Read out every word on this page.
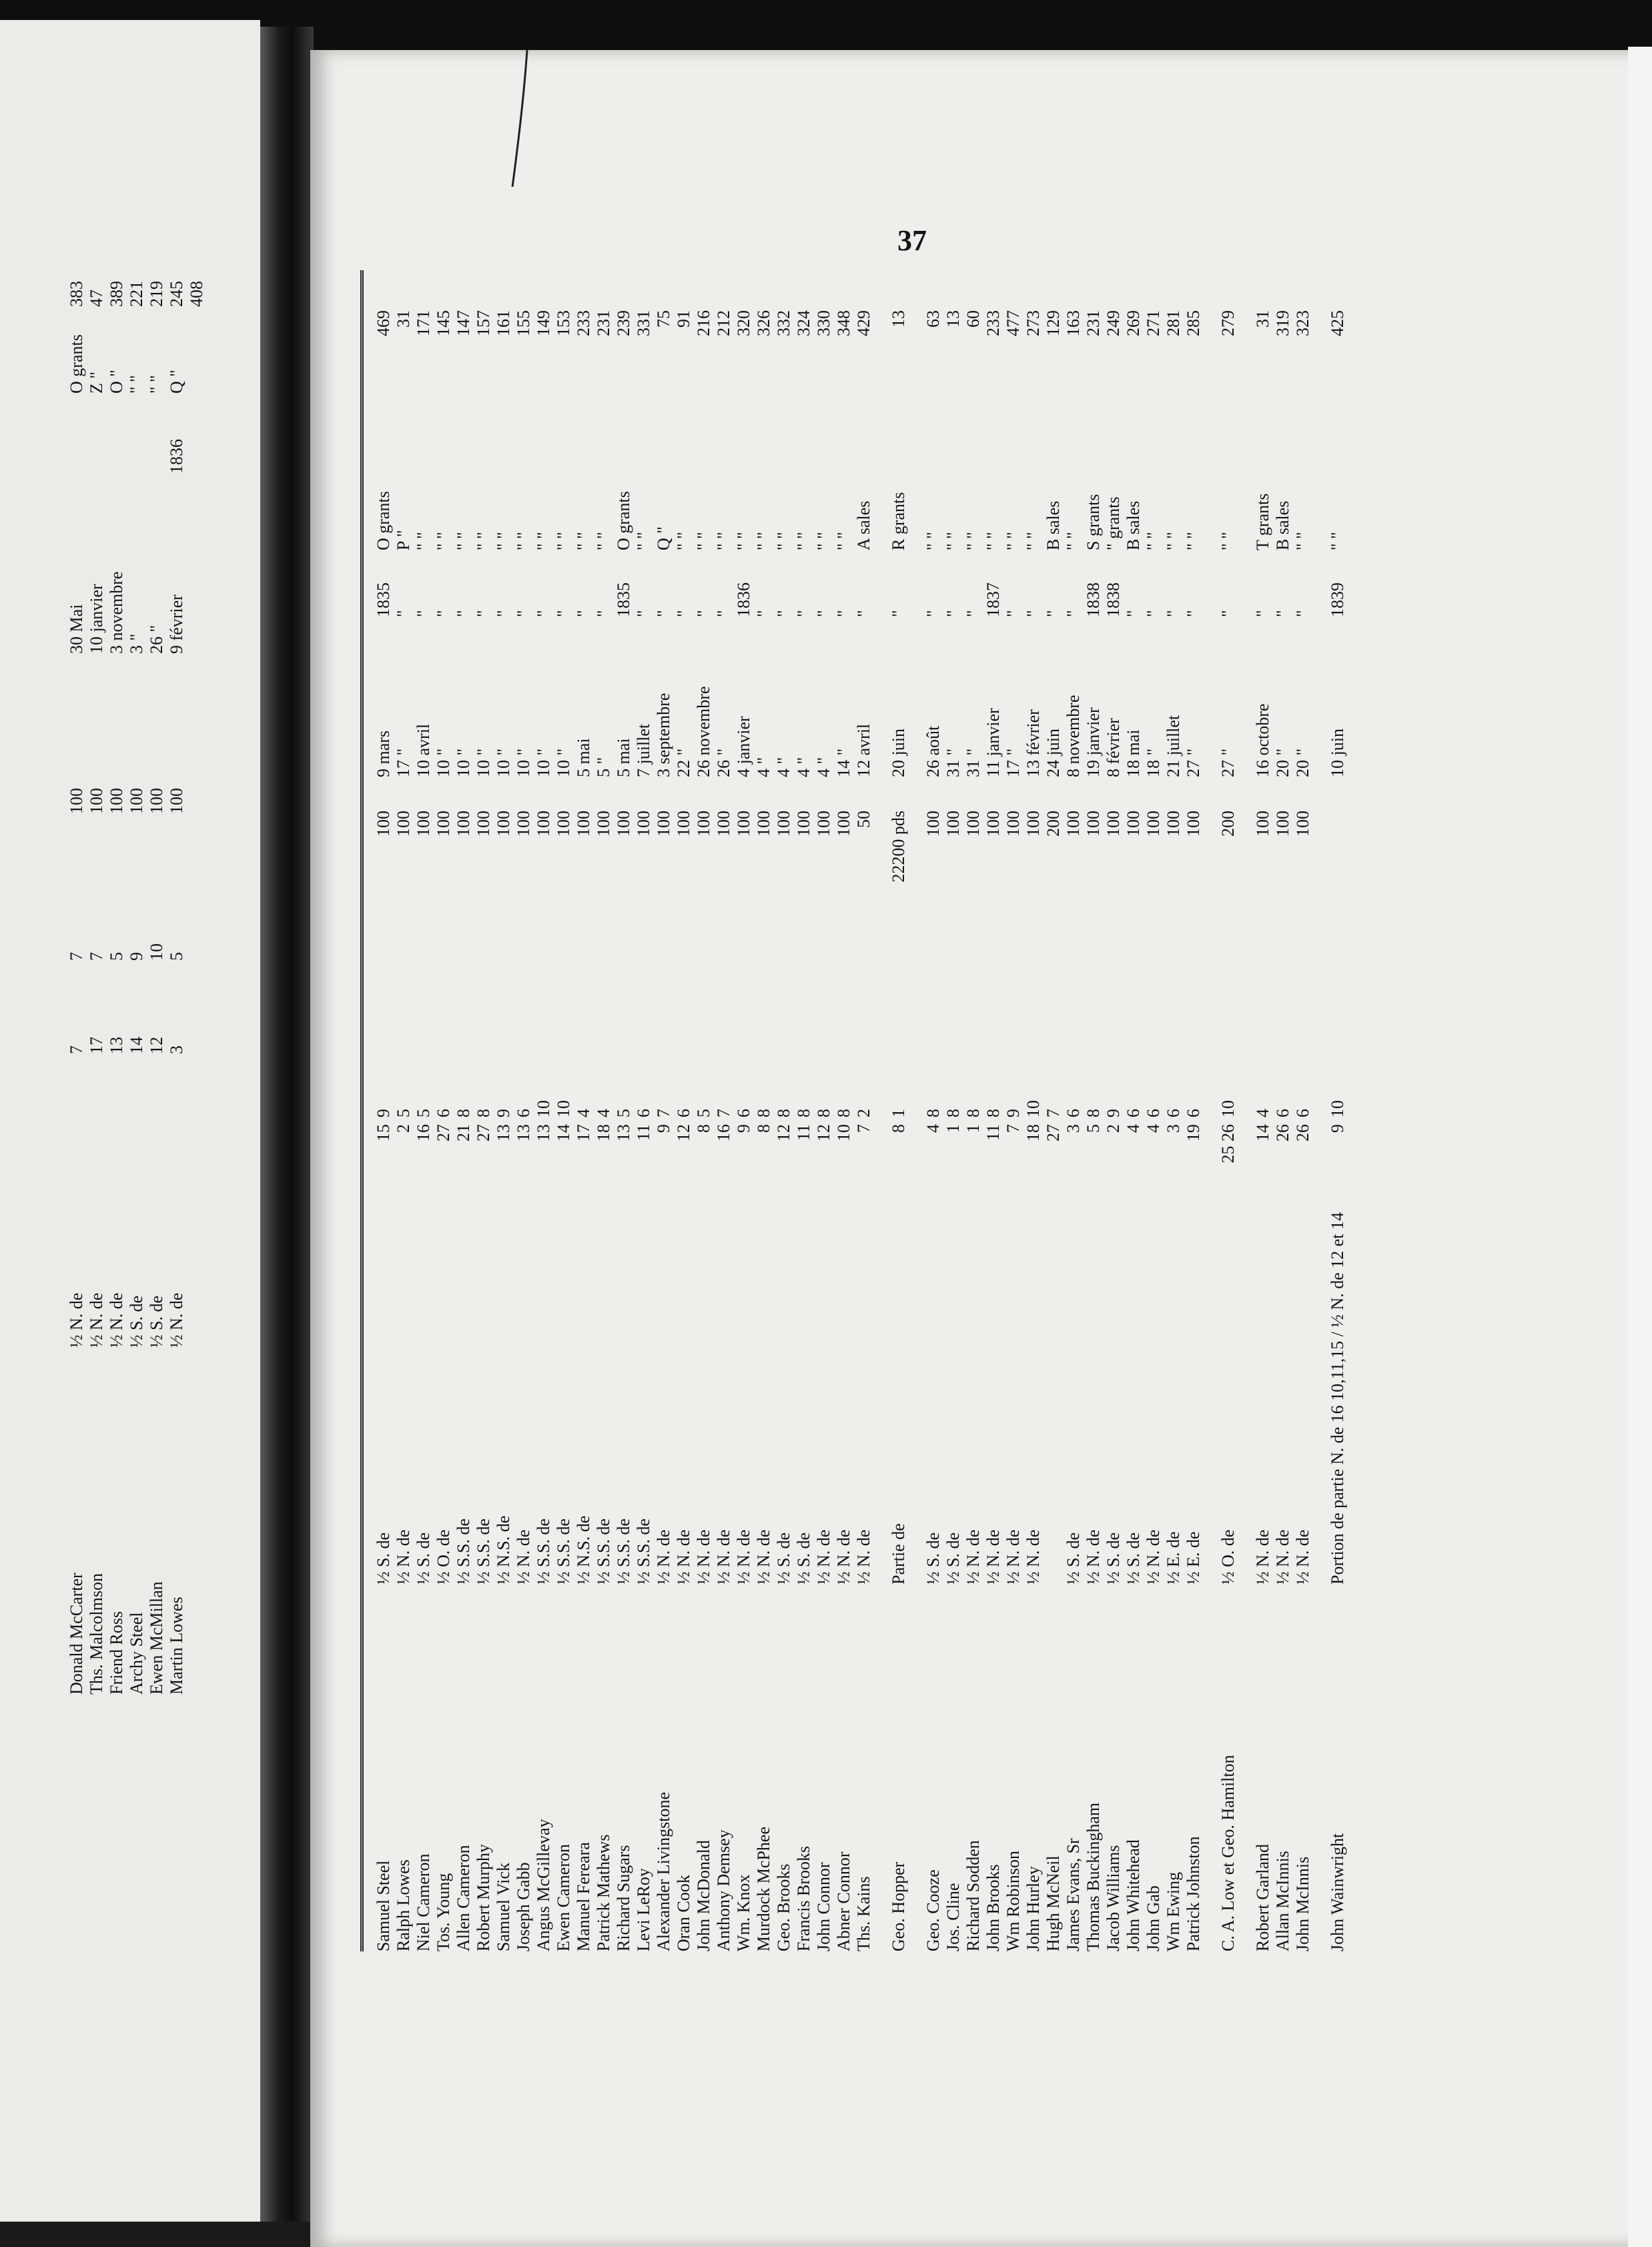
Donald McCarter
½ N. de
7
7
100
30 Mai
O grants
383
Ths. Malcolmson
½ N. de
17
7
100
10 janvier
Z "
47
Friend Ross
½ N. de
13
5
100
3 novembre
O "
389
Archy Steel
½ S. de
14
9
100
3 "
" "
221
Ewen McMillan
½ S. de
12
10
100
26 "
" "
219
Martin Lowes
½ N. de
3
5
100
9 février
1836
Q "
245 408
37
Samuel Steel
½ S. de
15
9
100
9 mars
1835
O grants
469
Ralph Lowes
½ N. de
2
5
100
17 "
"
P "
31
Niel Cameron
½ S. de
16
5
100
10 avril
"
" "
171
Tos. Young
½ O. de
27
6
100
10 "
"
" "
145
Allen Cameron
½ S.S. de
21
8
100
10 "
"
" "
147
Robert Murphy
½ S.S. de
27
8
100
10 "
"
" "
157
Samuel Vick
½ N.S. de
13
9
100
10 "
"
" "
161
Joseph Gabb
½ N. de
13
6
100
10 "
"
" "
155
Angus McGillevay
½ S.S. de
13
10
100
10 "
"
" "
149
Ewen Cameron
½ S.S. de
14
10
100
10 "
"
" "
153
Manuel Fereara
½ N.S. de
17
4
100
5 mai
"
" "
233
Patrick Mathews
½ S.S. de
18
4
100
5 "
"
" "
231
Richard Sugars
½ S.S. de
13
5
100
5 mai
1835
O grants
239
Levi LeRoy
½ S.S. de
11
6
100
7 juillet
"
" "
331
Alexander Livingstone
½ N. de
9
7
100
3 septembre
"
Q "
75
Oran Cook
½ N. de
12
6
100
22 "
"
" "
91
John McDonald
½ N. de
8
5
100
26 novembre
"
" "
216
Anthony Demsey
½ N. de
16
7
100
26 "
"
" "
212
Wm. Knox
½ N. de
9
6
100
4 janvier
1836
" "
320
Murdock McPhee
½ N. de
8
8
100
4 "
"
" "
326
Geo. Brooks
½ S. de
12
8
100
4 "
"
" "
332
Francis Brooks
½ S. de
11
8
100
4 "
"
" "
324
John Connor
½ N. de
12
8
100
4 "
"
" "
330
Abner Connor
½ N. de
10
8
100
14 "
"
" "
348
Ths. Kains
½ N. de
7
2
50
12 avril
"
A sales
429
Geo. Hopper
Partie de
8
1
22200 pds
20 juin
"
R grants
13
Geo. Cooze
½ S. de
4
8
100
26 août
"
" "
63
Jos. Cline
½ S. de
1
8
100
31 "
"
" "
13
Richard Sodden
½ N. de
1
8
100
31 "
"
" "
60
John Brooks
½ N. de
11
8
100
11 janvier
1837
" "
233
Wm Robinson
½ N. de
7
9
100
17 "
"
" "
477
John Hurley
½ N. de
18
10
100
13 février
"
" "
273
Hugh McNeil
27
7
200
24 juin
"
B sales
129
James Evans, Sr
½ S. de
3
6
100
8 novembre
"
" "
163
Thomas Buckingham
½ N. de
5
8
100
19 janvier
1838
S grants
231
Jacob Williams
½ S. de
2
9
100
8 février
1838
" grants
249
John Whitehead
½ S. de
4
6
100
18 mai
"
B sales
269
John Gab
½ N. de
4
6
100
18 "
"
" "
271
Wm Ewing
½ E. de
3
6
100
21 juillet
"
" "
281
Patrick Johnston
½ E. de
19
6
100
27 "
"
" "
285
C. A. Low et Geo. Hamilton
½ O. de
25 26
10
200
27 "
"
" "
279
Robert Garland
½ N. de
14
4
100
16 octobre
"
T grants
31
Allan McInnis
½ N. de
26
6
100
20 "
"
B sales
319
John McInnis
½ N. de
26
6
100
20 "
"
" "
323
John Wainwright
Portion de partie N. de 16 10,11,15 / ½ N. de 12 et 14
9
10
10 juin
1839
" "
425
